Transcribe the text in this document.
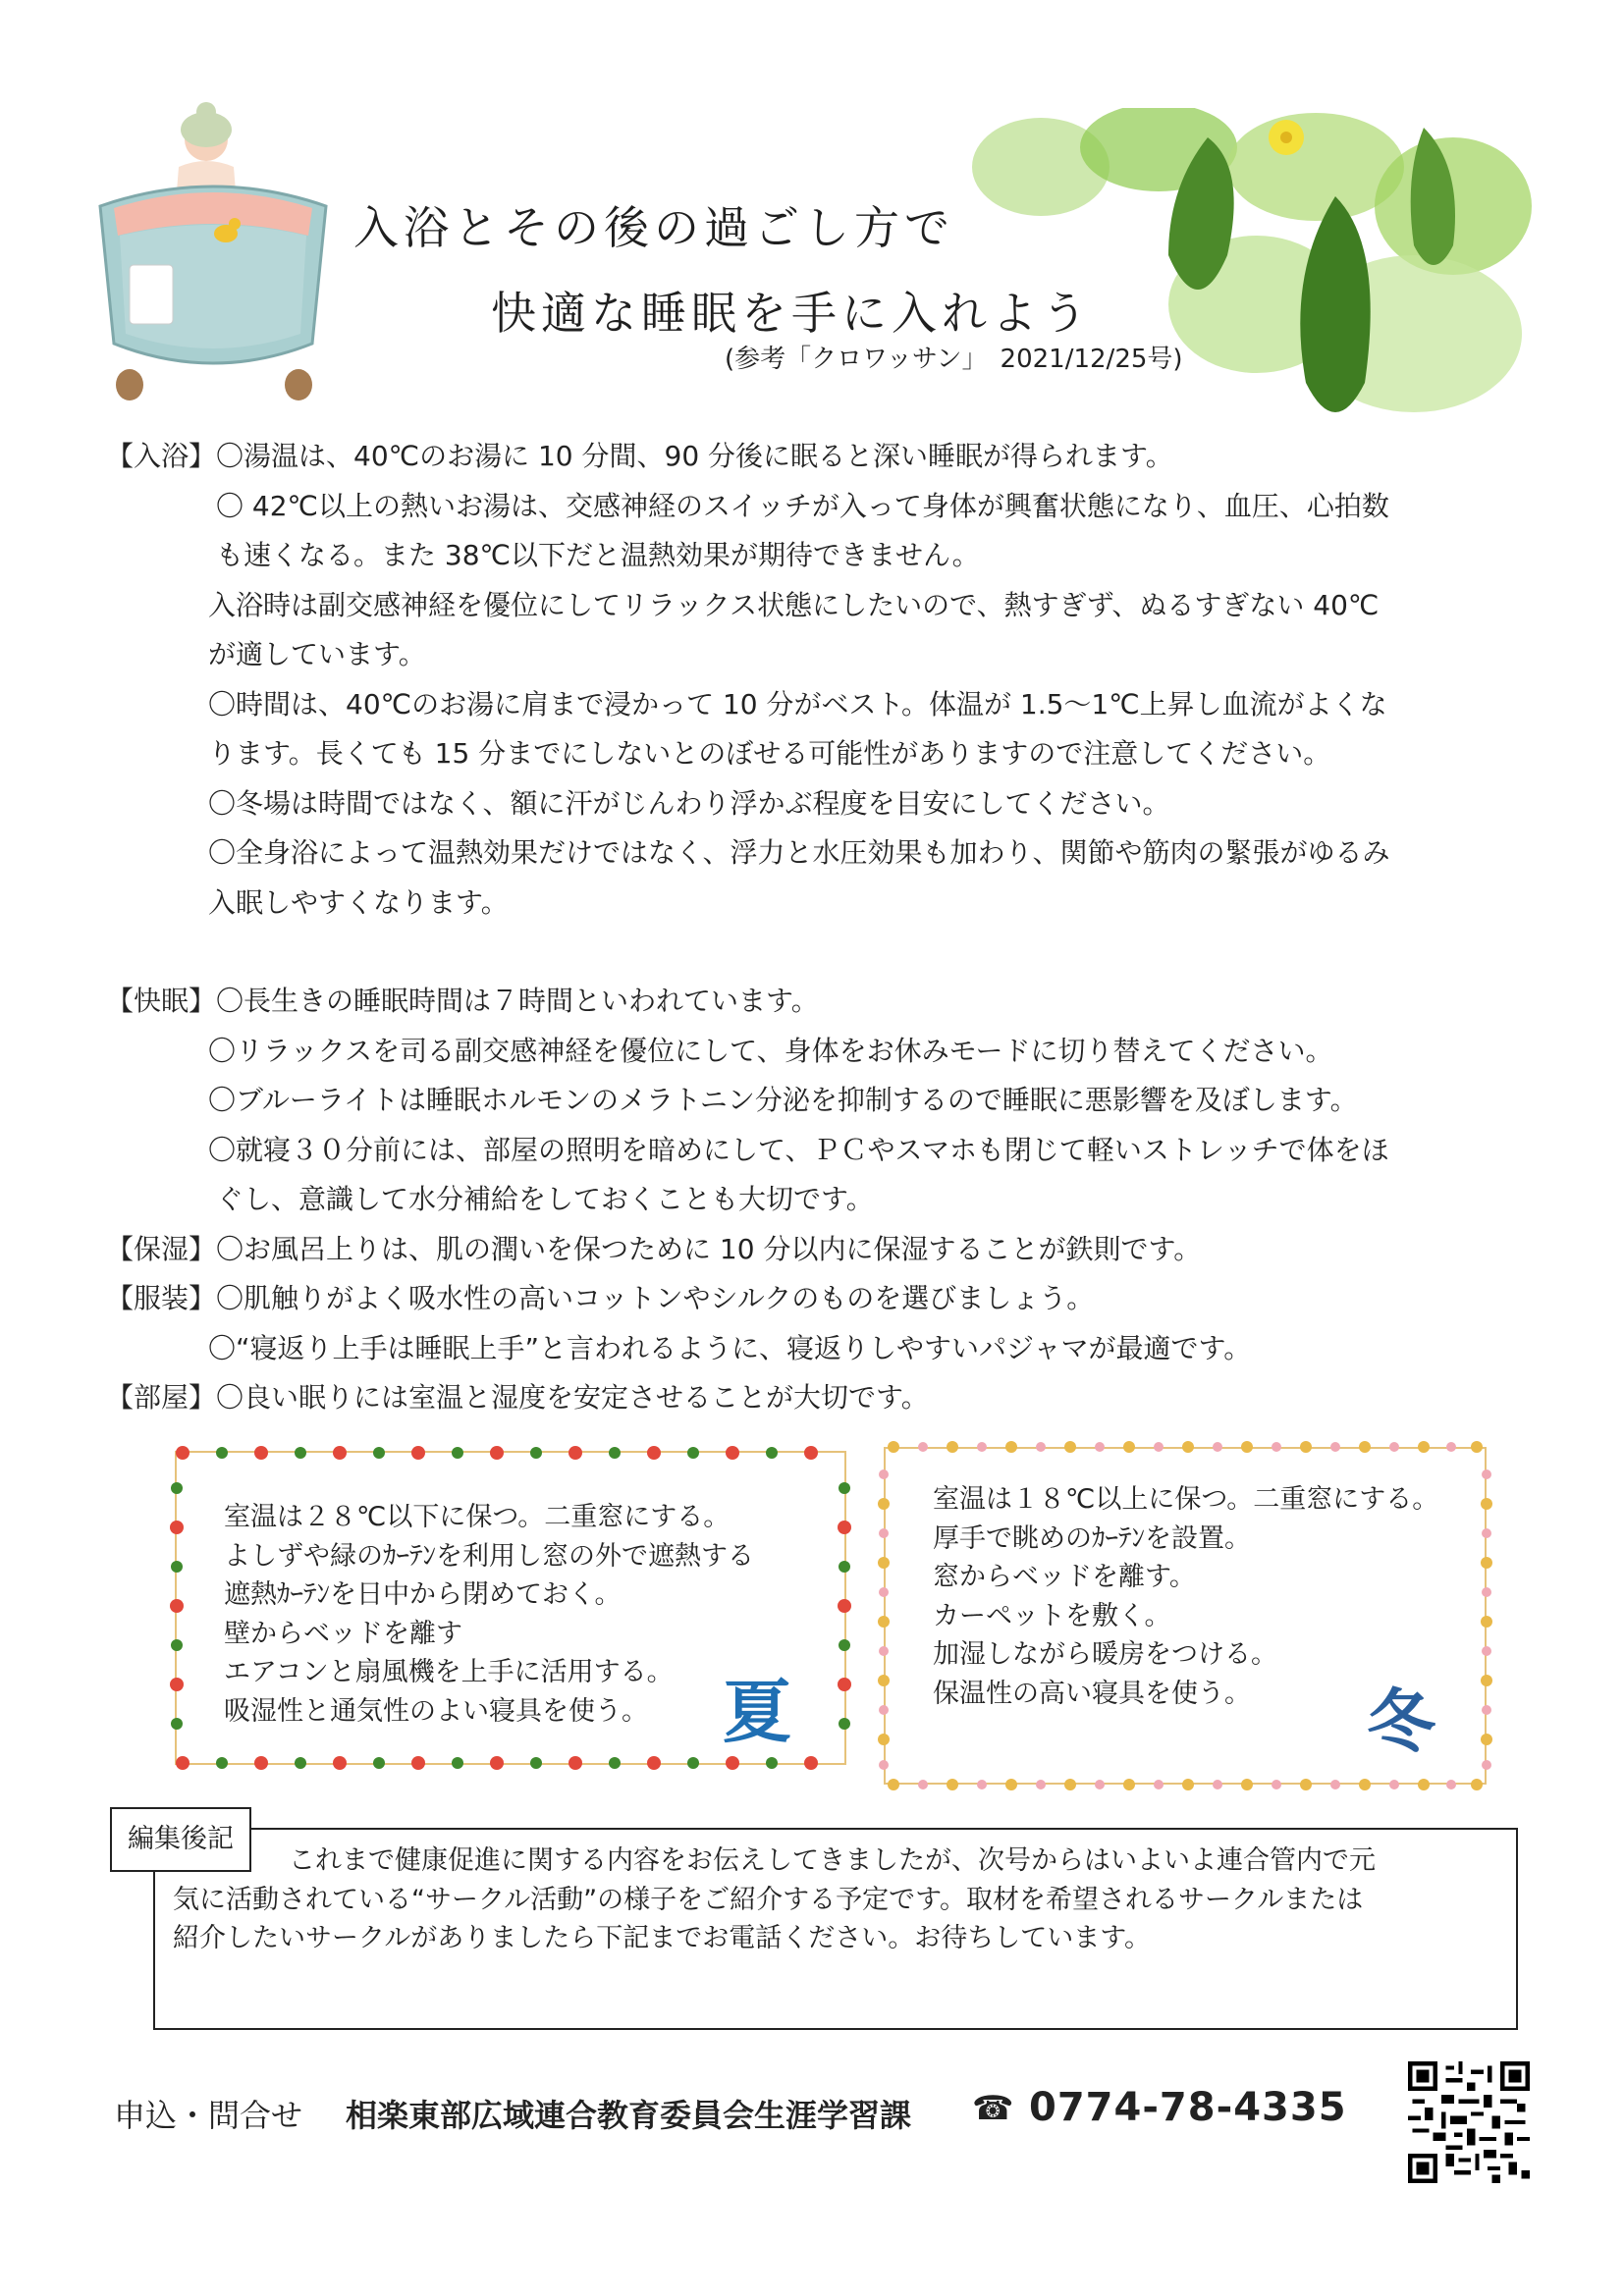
入浴とその後の過ごし方で
快適な睡眠を手に入れよう
(参考「クロワッサン」　2021/12/25号)
【入浴】〇湯温は、40℃のお湯に 10 分間、90 分後に眠ると深い睡眠が得られます。
〇 42℃以上の熱いお湯は、交感神経のスイッチが入って身体が興奮状態になり、血圧、心拍数
も速くなる。また 38℃以下だと温熱効果が期待できません。
入浴時は副交感神経を優位にしてリラックス状態にしたいので、熱すぎず、ぬるすぎない 40℃
が適しています。
〇時間は、40℃のお湯に肩まで浸かって 10 分がベスト。体温が 1.5～1℃上昇し血流がよくな
ります。長くても 15 分までにしないとのぼせる可能性がありますので注意してください。
〇冬場は時間ではなく、額に汗がじんわり浮かぶ程度を目安にしてください。
〇全身浴によって温熱効果だけではなく、浮力と水圧効果も加わり、関節や筋肉の緊張がゆるみ
入眠しやすくなります。
【快眠】〇長生きの睡眠時間は７時間といわれています。
〇リラックスを司る副交感神経を優位にして、身体をお休みモードに切り替えてください。
〇ブルーライトは睡眠ホルモンのメラトニン分泌を抑制するので睡眠に悪影響を及ぼします。
〇就寝３０分前には、部屋の照明を暗めにして、ＰＣやスマホも閉じて軽いストレッチで体をほ
ぐし、意識して水分補給をしておくことも大切です。
【保湿】〇お風呂上りは、肌の潤いを保つために 10 分以内に保湿することが鉄則です。
【服装】〇肌触りがよく吸水性の高いコットンやシルクのものを選びましょう。
〇“寝返り上手は睡眠上手”と言われるように、寝返りしやすいパジャマが最適です。
【部屋】〇良い眠りには室温と湿度を安定させることが大切です。
室温は２８℃以下に保つ。二重窓にする。
よしずや緑のｶｰﾃﾝを利用し窓の外で遮熱する
遮熱ｶｰﾃﾝを日中から閉めておく。
壁からベッドを離す
エアコンと扇風機を上手に活用する。
吸湿性と通気性のよい寝具を使う。	夏
室温は１８℃以上に保つ。二重窓にする。
厚手で眺めのｶｰﾃﾝを設置。
窓からベッドを離す。
カーペットを敷く。
加湿しながら暖房をつける。
保温性の高い寝具を使う。	冬
これまで健康促進に関する内容をお伝えしてきましたが、次号からはいよいよ連合管内で元
気に活動されている“サークル活動”の様子をご紹介する予定です。取材を希望されるサークルまたは
紹介したいサークルがありましたら下記までお電話ください。お待ちしています。
編集後記
申込・問合せ 相楽東部広域連合教育委員会生涯学習課 ☎ 0774-78-4335
